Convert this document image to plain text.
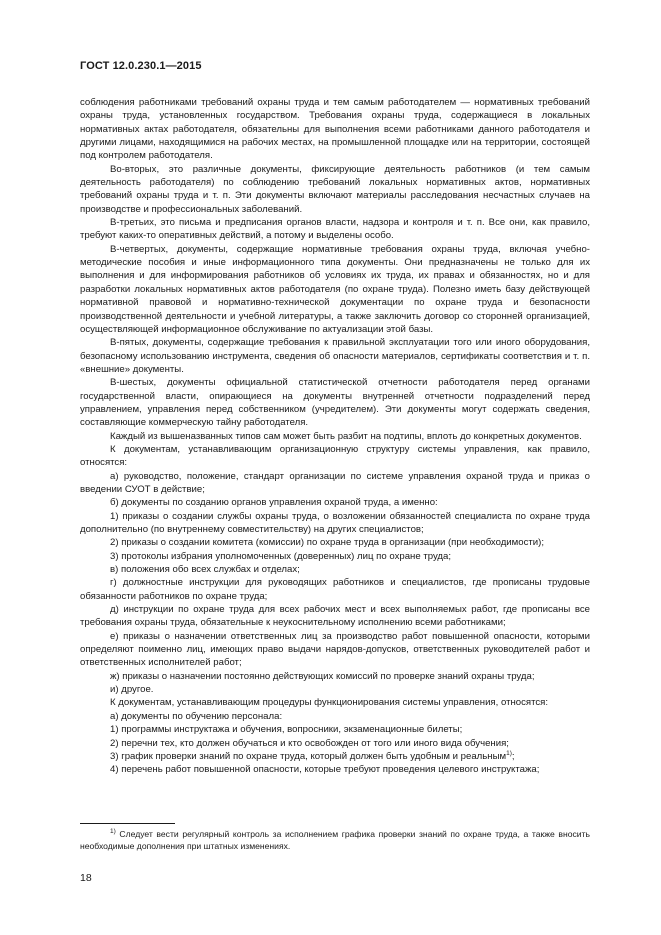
ГОСТ 12.0.230.1—2015

соблюдения работниками требований охраны труда и тем самым работодателем — нормативных требований охраны труда, установленных государством. Требования охраны труда, содержащиеся в локальных нормативных актах работодателя, обязательны для выполнения всеми работниками данного работодателя и другими лицами, находящимися на рабочих местах, на промышленной площадке или на территории, состоящей под контролем работодателя.

Во-вторых, это различные документы, фиксирующие деятельность работников (и тем самым деятельность работодателя) по соблюдению требований локальных нормативных актов, нормативных требований охраны труда и т. п. Эти документы включают материалы расследования несчастных случаев на производстве и профессиональных заболеваний.

В-третьих, это письма и предписания органов власти, надзора и контроля и т. п. Все они, как правило, требуют каких-то оперативных действий, а потому и выделены особо.

В-четвертых, документы, содержащие нормативные требования охраны труда, включая учебно-методические пособия и иные информационного типа документы. Они предназначены не только для их выполнения и для информирования работников об условиях их труда, их правах и обязанностях, но и для разработки локальных нормативных актов работодателя (по охране труда). Полезно иметь базу действующей нормативной правовой и нормативно-технической документации по охране труда и безопасности производственной деятельности и учебной литературы, а также заключить договор со сторонней организацией, осуществляющей информационное обслуживание по актуализации этой базы.

В-пятых, документы, содержащие требования к правильной эксплуатации того или иного оборудования, безопасному использованию инструмента, сведения об опасности материалов, сертификаты соответствия и т. п. «внешние» документы.

В-шестых, документы официальной статистической отчетности работодателя перед органами государственной власти, опирающиеся на документы внутренней отчетности подразделений перед управлением, управления перед собственником (учредителем). Эти документы могут содержать сведения, составляющие коммерческую тайну работодателя.

Каждый из вышеназванных типов сам может быть разбит на подтипы, вплоть до конкретных документов.

К документам, устанавливающим организационную структуру системы управления, как правило, относятся:

а) руководство, положение, стандарт организации по системе управления охраной труда и приказ о введении СУОТ в действие;

б) документы по созданию органов управления охраной труда, а именно:

1) приказы о создании службы охраны труда, о возложении обязанностей специалиста по охране труда дополнительно (по внутреннему совместительству) на других специалистов;

2) приказы о создании комитета (комиссии) по охране труда в организации (при необходимости);

3) протоколы избрания уполномоченных (доверенных) лиц по охране труда;

в) положения обо всех службах и отделах;

г) должностные инструкции для руководящих работников и специалистов, где прописаны трудовые обязанности работников по охране труда;

д) инструкции по охране труда для всех рабочих мест и всех выполняемых работ, где прописаны все требования охраны труда, обязательные к неукоснительному исполнению всеми работниками;

е) приказы о назначении ответственных лиц за производство работ повышенной опасности, которыми определяют поименно лиц, имеющих право выдачи нарядов-допусков, ответственных руководителей работ и ответственных исполнителей работ;

ж) приказы о назначении постоянно действующих комиссий по проверке знаний охраны труда;

и) другое.

К документам, устанавливающим процедуры функционирования системы управления, относятся:

а) документы по обучению персонала:

1) программы инструктажа и обучения, вопросники, экзаменационные билеты;

2) перечни тех, кто должен обучаться и кто освобожден от того или иного вида обучения;

3) график проверки знаний по охране труда, который должен быть удобным и реальным$^{1)}$;

4) перечень работ повышенной опасности, которые требуют проведения целевого инструктажа;

$^{1)}$ Следует вести регулярный контроль за исполнением графика проверки знаний по охране труда, а также вносить необходимые дополнения при штатных изменениях.

18
